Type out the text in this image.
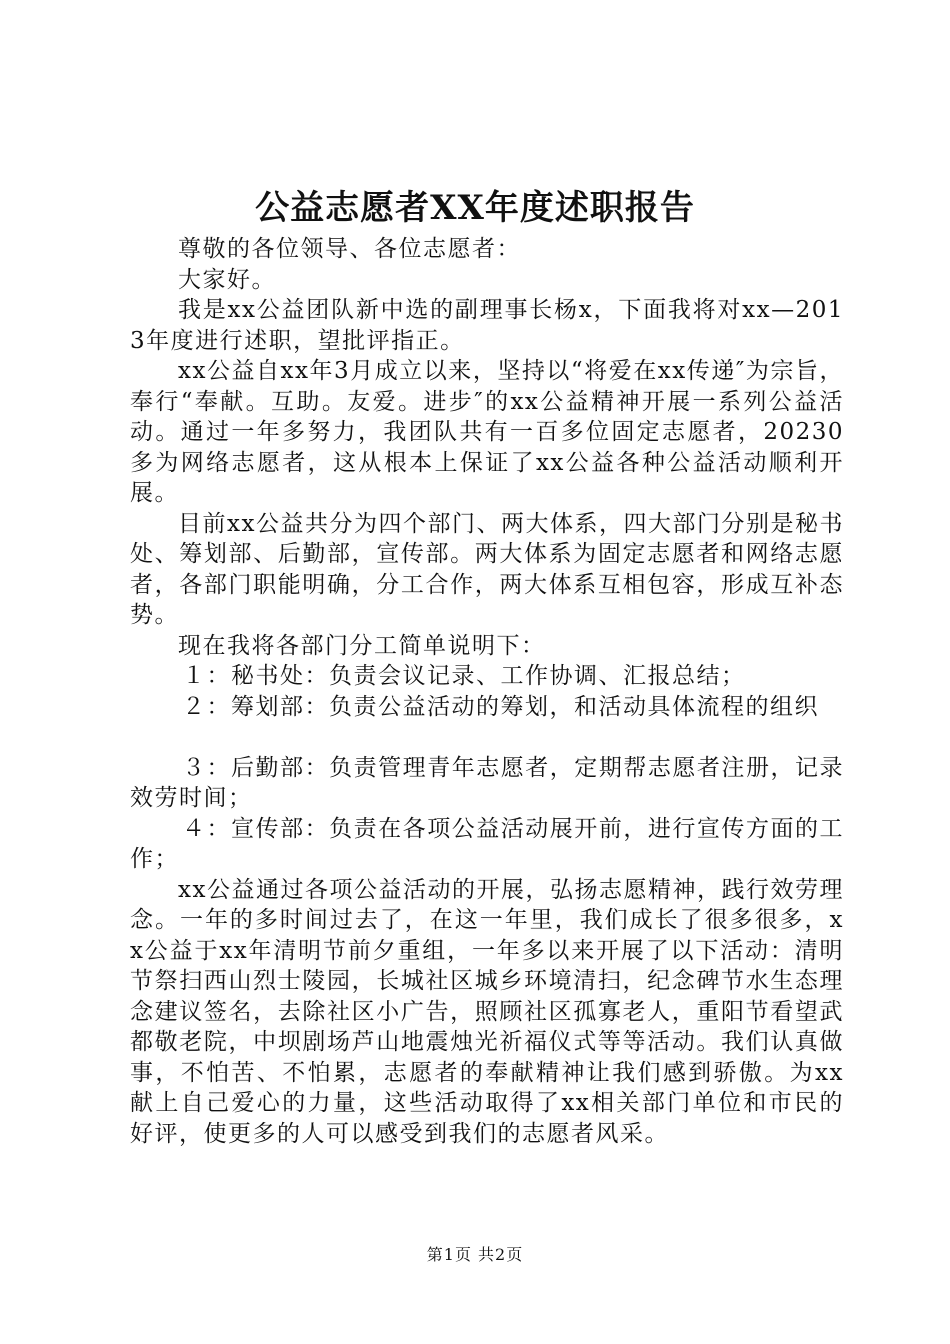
公益志愿者XX年度述职报告

尊敬的各位领导、各位志愿者：

大家好。

我是xx公益团队新中选的副理事长杨x，下面我将对xx—201 3年度进行述职，望批评指正。

xx公益自xx年3月成立以来，坚持以“将爱在xx传递″为宗旨，奉行“奉献。互助。友爱。进步″的xx公益精神开展一系列公益活动。通过一年多努力，我团队共有一百多位固定志愿者，20230多为网络志愿者，这从根本上保证了xx公益各种公益活动顺利开展。

目前xx公益共分为四个部门、两大体系，四大部门分别是秘书处、筹划部、后勤部，宣传部。两大体系为固定志愿者和网络志愿者，各部门职能明确，分工合作，两大体系互相包容，形成互补态势。

现在我将各部门分工简单说明下：

１：秘书处：负责会议记录、工作协调、汇报总结；

２：筹划部：负责公益活动的筹划，和活动具体流程的组织

３：后勤部：负责管理青年志愿者，定期帮志愿者注册，记录效劳时间；

４：宣传部：负责在各项公益活动展开前，进行宣传方面的工作；

xx公益通过各项公益活动的开展，弘扬志愿精神，践行效劳理念。一年的多时间过去了，在这一年里，我们成长了很多很多，xx公益于xx年清明节前夕重组，一年多以来开展了以下活动：清明节祭扫西山烈士陵园，长城社区城乡环境清扫，纪念碑节水生态理念建议签名，去除社区小广告，照顾社区孤寡老人，重阳节看望武都敬老院，中坝剧场芦山地震烛光祈福仪式等等活动。我们认真做事，不怕苦、不怕累，志愿者的奉献精神让我们感到骄傲。为xx献上自己爱心的力量，这些活动取得了xx相关部门单位和市民的好评，使更多的人可以感受到我们的志愿者风采。

第1页 共2页
